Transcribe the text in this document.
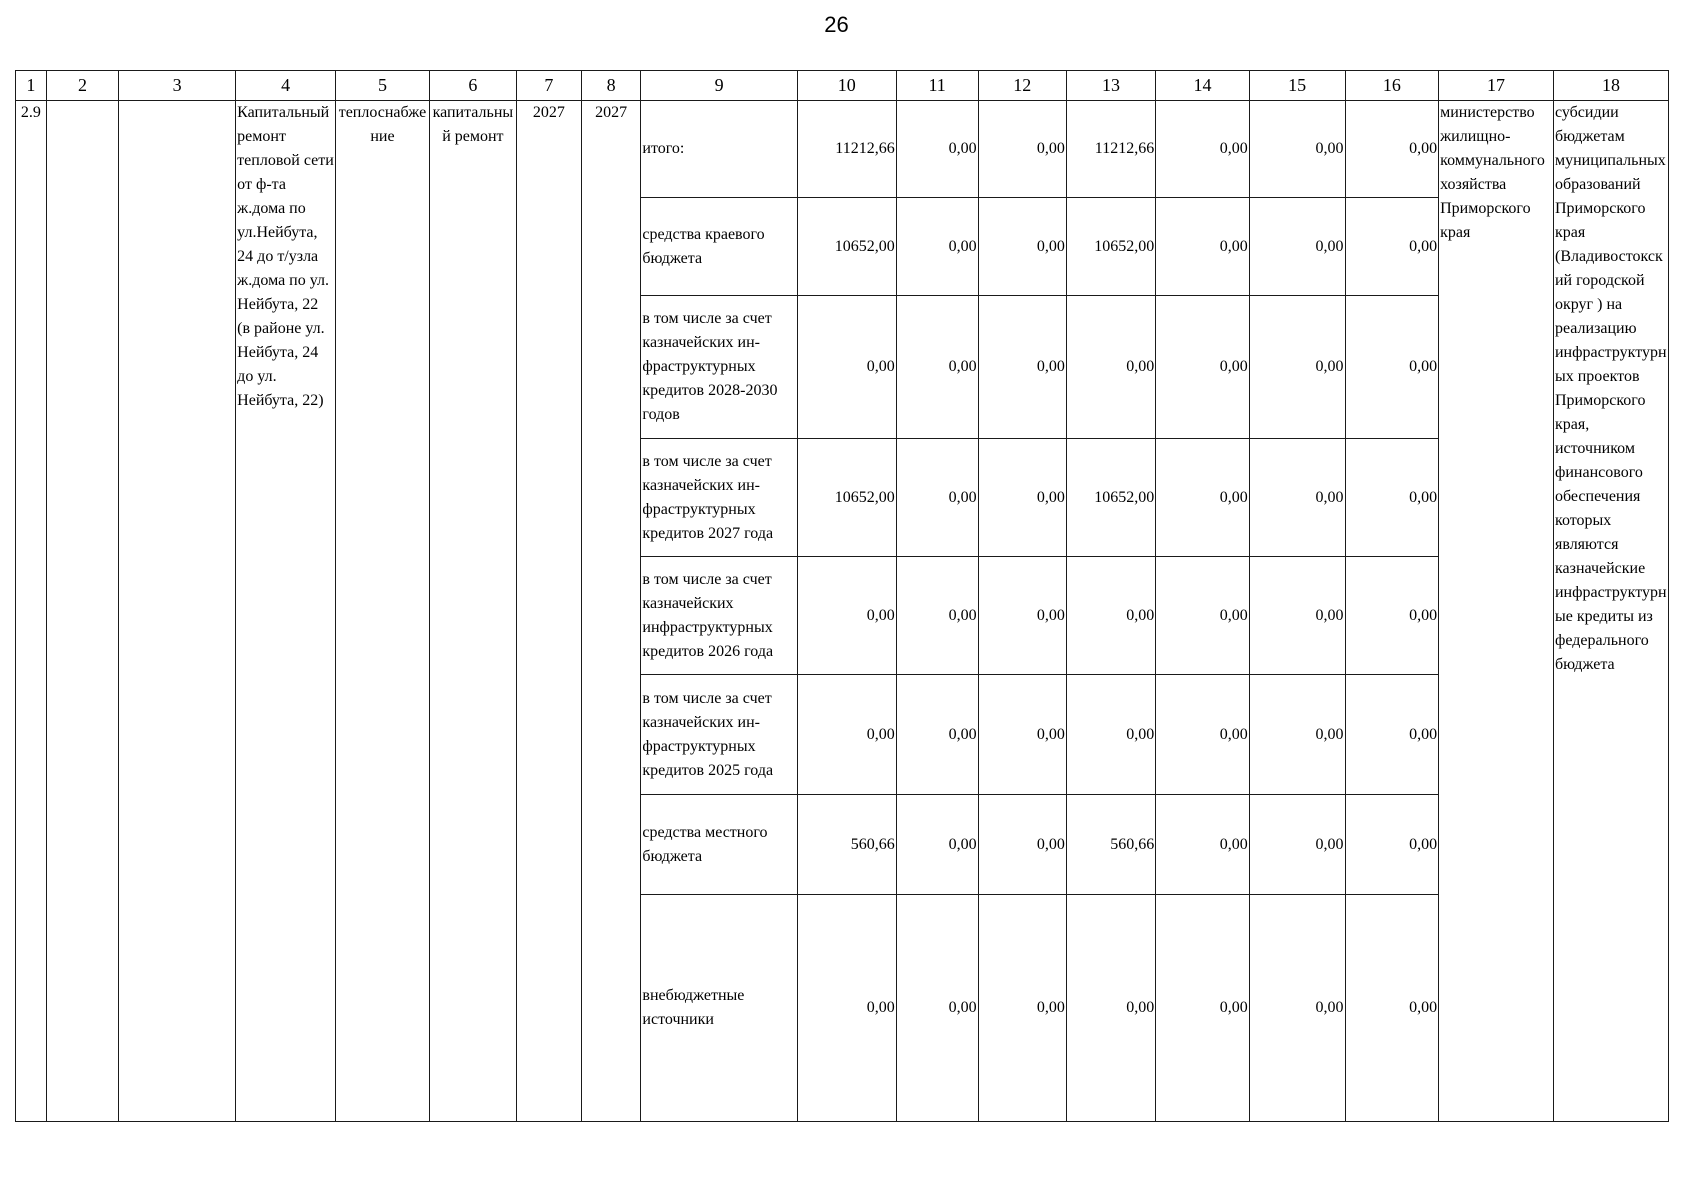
26
1	2	3	4	5	6	7	8	9	10	11	12	13	14	15	16	17	18
2.9			Капитальный ремонт тепловой сети от ф-та ж.дома по ул.Нейбута, 24 до т/узла ж.дома по ул. Нейбута, 22 (в районе ул. Нейбута, 24 до ул. Нейбута, 22)	теплоснабжение	капитальный ремонт	2027	2027	итого:	11212,66	0,00	0,00	11212,66	0,00	0,00	0,00	министерство жилищно-коммунального хозяйства Приморского края	субсидии бюджетам муниципальных образований Приморского края (Владивостокский городской округ ) на реализацию инфраструктурных проектов Приморского края, источником финансового обеспечения которых являются казначейские инфраструктурные кредиты из федерального бюджета
								средства краевого бюджета	10652,00	0,00	0,00	10652,00	0,00	0,00	0,00		
								в том числе за счет казначейских ин-фраструктурных кредитов 2028-2030 годов	0,00	0,00	0,00	0,00	0,00	0,00	0,00		
								в том числе за счет казначейских ин-фраструктурных кредитов 2027 года	10652,00	0,00	0,00	10652,00	0,00	0,00	0,00		
								в том числе за счет казначейских инфраструктурных кредитов 2026 года	0,00	0,00	0,00	0,00	0,00	0,00	0,00		
								в том числе за счет казначейских ин-фраструктурных кредитов 2025 года	0,00	0,00	0,00	0,00	0,00	0,00	0,00		
								средства местного бюджета	560,66	0,00	0,00	560,66	0,00	0,00	0,00		
								внебюджетные источники	0,00	0,00	0,00	0,00	0,00	0,00	0,00		
